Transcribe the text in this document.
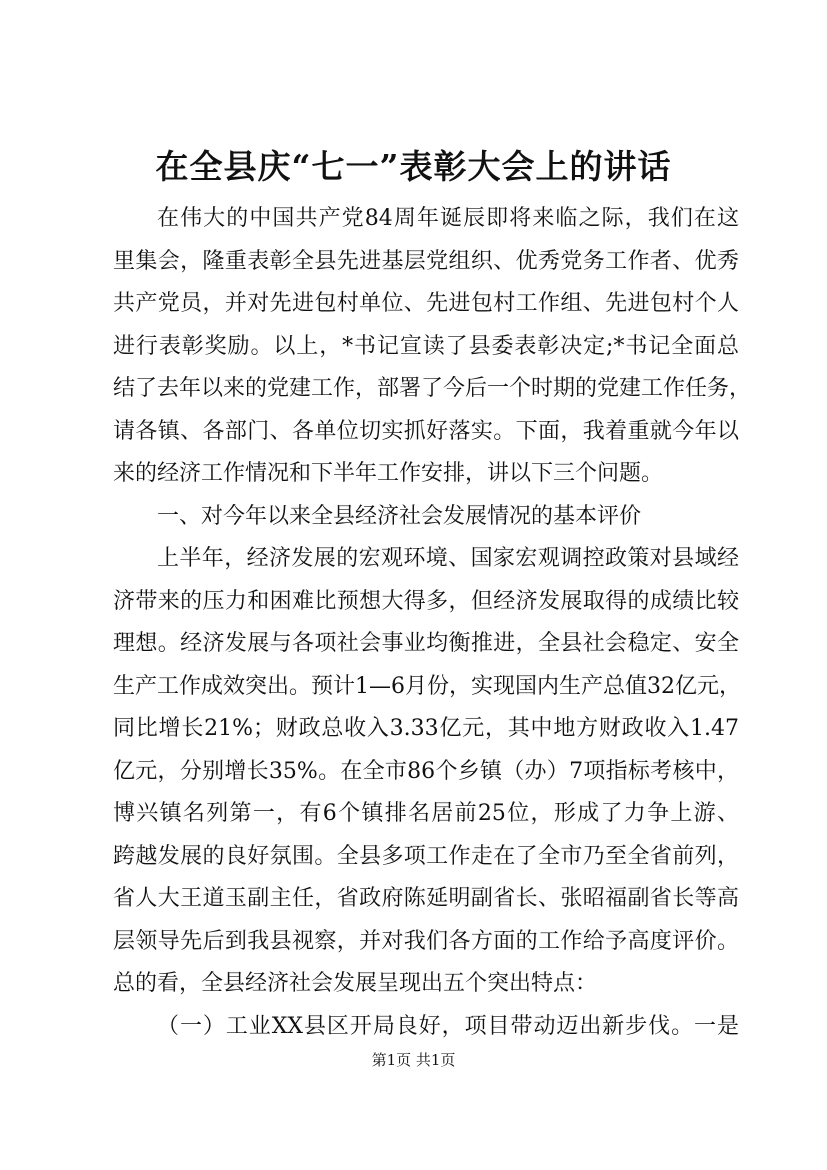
在全县庆“七一”表彰大会上的讲话
在伟大的中国共产党84周年诞辰即将来临之际，我们在这
里集会，隆重表彰全县先进基层党组织、优秀党务工作者、优秀
共产党员，并对先进包村单位、先进包村工作组、先进包村个人
进行表彰奖励。以上，*书记宣读了县委表彰决定;*书记全面总
结了去年以来的党建工作，部署了今后一个时期的党建工作任务，
请各镇、各部门、各单位切实抓好落实。下面，我着重就今年以
来的经济工作情况和下半年工作安排，讲以下三个问题。
一、对今年以来全县经济社会发展情况的基本评价
上半年，经济发展的宏观环境、国家宏观调控政策对县域经
济带来的压力和困难比预想大得多，但经济发展取得的成绩比较
理想。经济发展与各项社会事业均衡推进，全县社会稳定、安全
生产工作成效突出。预计1—6月份，实现国内生产总值32亿元，
同比增长21%；财政总收入3.33亿元，其中地方财政收入1.47
亿元，分别增长35%。在全市86个乡镇（办）7项指标考核中，
博兴镇名列第一，有6个镇排名居前25位，形成了力争上游、
跨越发展的良好氛围。全县多项工作走在了全市乃至全省前列，
省人大王道玉副主任，省政府陈延明副省长、张昭福副省长等高
层领导先后到我县视察，并对我们各方面的工作给予高度评价。
总的看，全县经济社会发展呈现出五个突出特点：
（一）工业XX县区开局良好，项目带动迈出新步伐。一是
第1页 共1页
